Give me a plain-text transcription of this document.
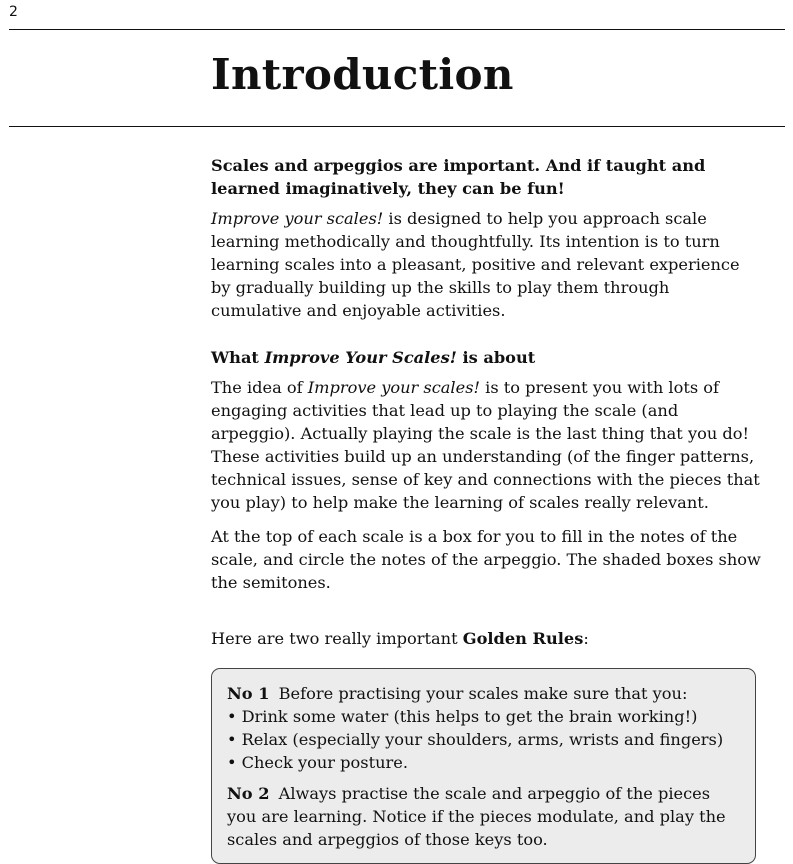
2
Introduction

Scales and arpeggios are important. And if taught and learned imaginatively, they can be fun!

Improve your scales! is designed to help you approach scale learning methodically and thoughtfully. Its intention is to turn learning scales into a pleasant, positive and relevant experience by gradually building up the skills to play them through cumulative and enjoyable activities.

What Improve Your Scales! is about

The idea of Improve your scales! is to present you with lots of engaging activities that lead up to playing the scale (and arpeggio). Actually playing the scale is the last thing that you do! These activities build up an understanding (of the finger patterns, technical issues, sense of key and connections with the pieces that you play) to help make the learning of scales really relevant.

At the top of each scale is a box for you to fill in the notes of the scale, and circle the notes of the arpeggio. The shaded boxes show the semitones.

Here are two really important Golden Rules:

No 1 Before practising your scales make sure that you:
• Drink some water (this helps to get the brain working!)
• Relax (especially your shoulders, arms, wrists and fingers)
• Check your posture.
No 2 Always practise the scale and arpeggio of the pieces you are learning. Notice if the pieces modulate, and play the scales and arpeggios of those keys too.
